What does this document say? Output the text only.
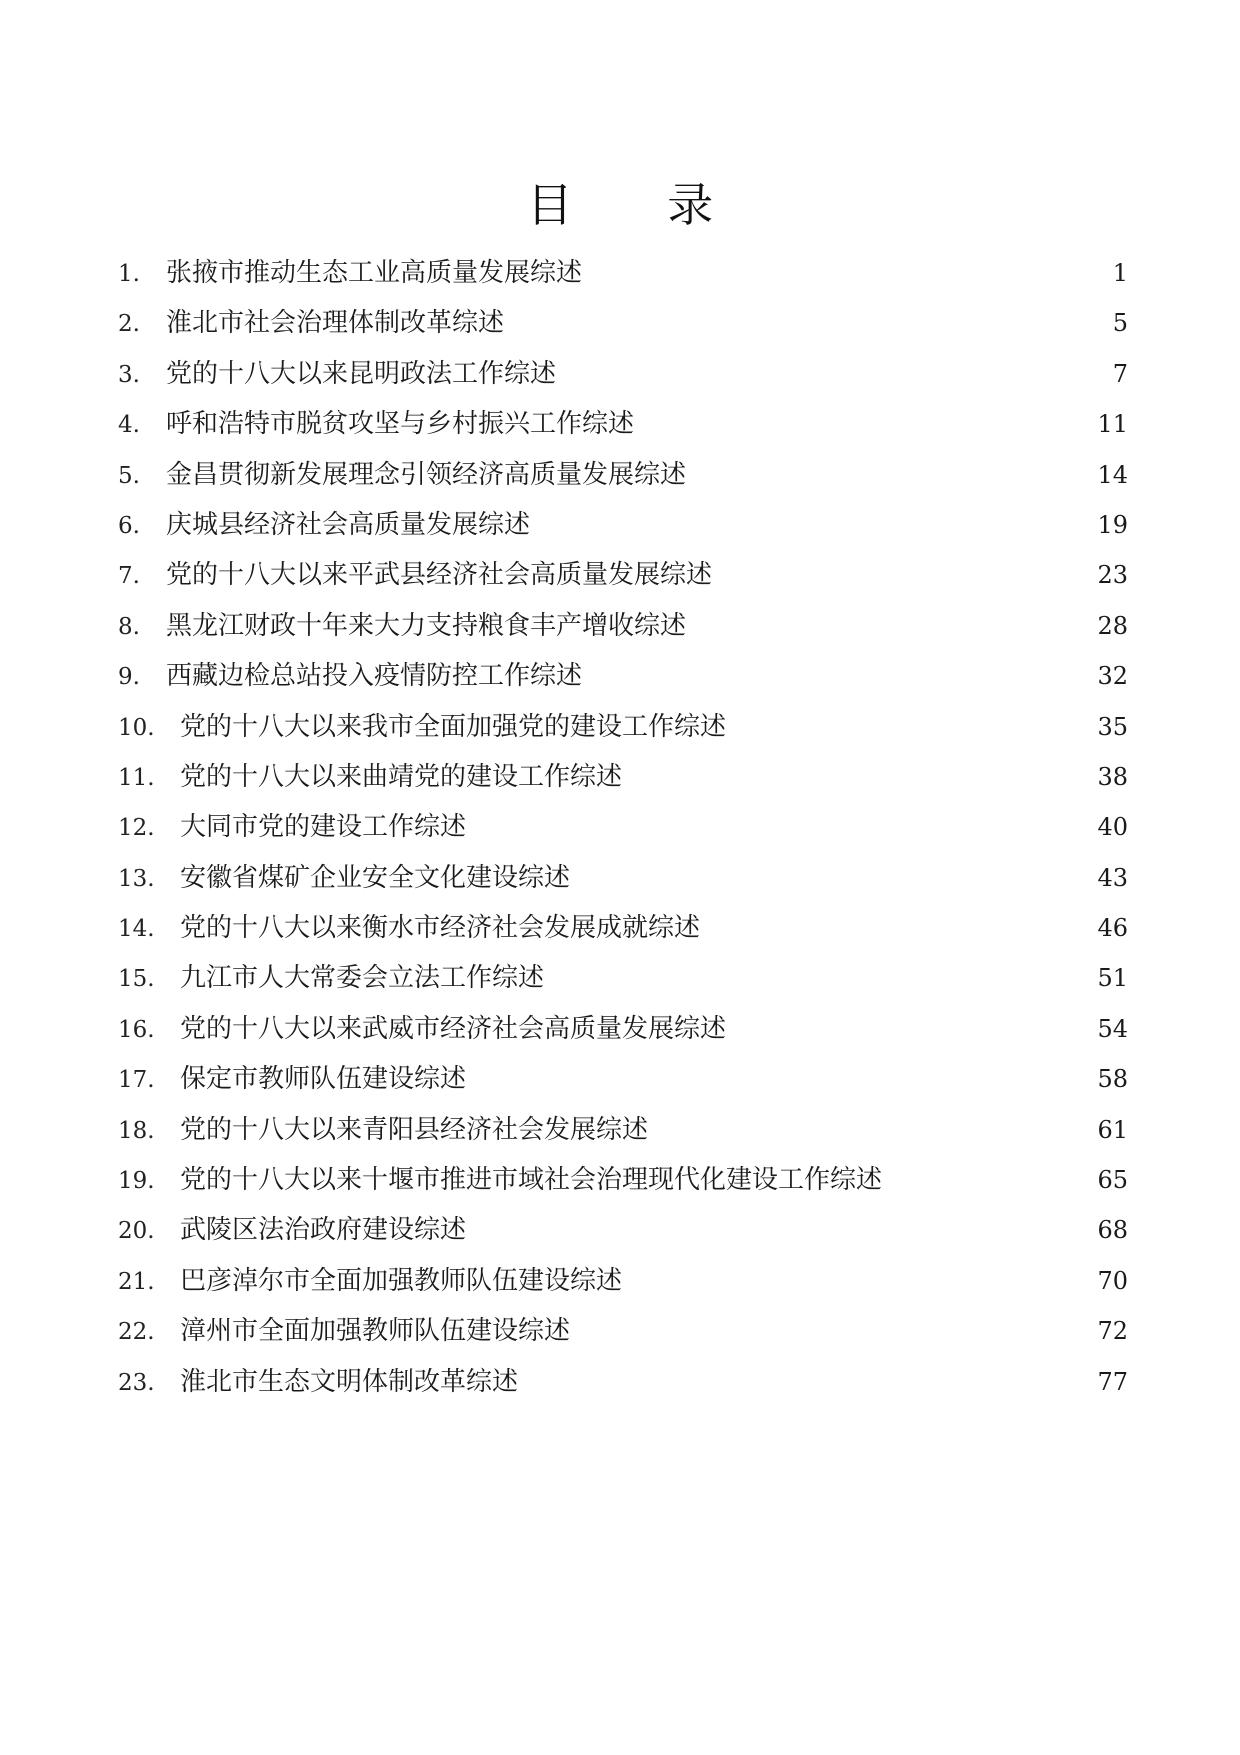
目 录
1. 张掖市推动生态工业高质量发展综述	1
2. 淮北市社会治理体制改革综述	5
3. 党的十八大以来昆明政法工作综述	7
4. 呼和浩特市脱贫攻坚与乡村振兴工作综述	11
5. 金昌贯彻新发展理念引领经济高质量发展综述	14
6. 庆城县经济社会高质量发展综述	19
7. 党的十八大以来平武县经济社会高质量发展综述	23
8. 黑龙江财政十年来大力支持粮食丰产增收综述	28
9. 西藏边检总站投入疫情防控工作综述	32
10. 党的十八大以来我市全面加强党的建设工作综述	35
11. 党的十八大以来曲靖党的建设工作综述	38
12. 大同市党的建设工作综述	40
13. 安徽省煤矿企业安全文化建设综述	43
14. 党的十八大以来衡水市经济社会发展成就综述	46
15. 九江市人大常委会立法工作综述	51
16. 党的十八大以来武威市经济社会高质量发展综述	54
17. 保定市教师队伍建设综述	58
18. 党的十八大以来青阳县经济社会发展综述	61
19. 党的十八大以来十堰市推进市域社会治理现代化建设工作综述	65
20. 武陵区法治政府建设综述	68
21. 巴彦淖尔市全面加强教师队伍建设综述	70
22. 漳州市全面加强教师队伍建设综述	72
23. 淮北市生态文明体制改革综述	77
